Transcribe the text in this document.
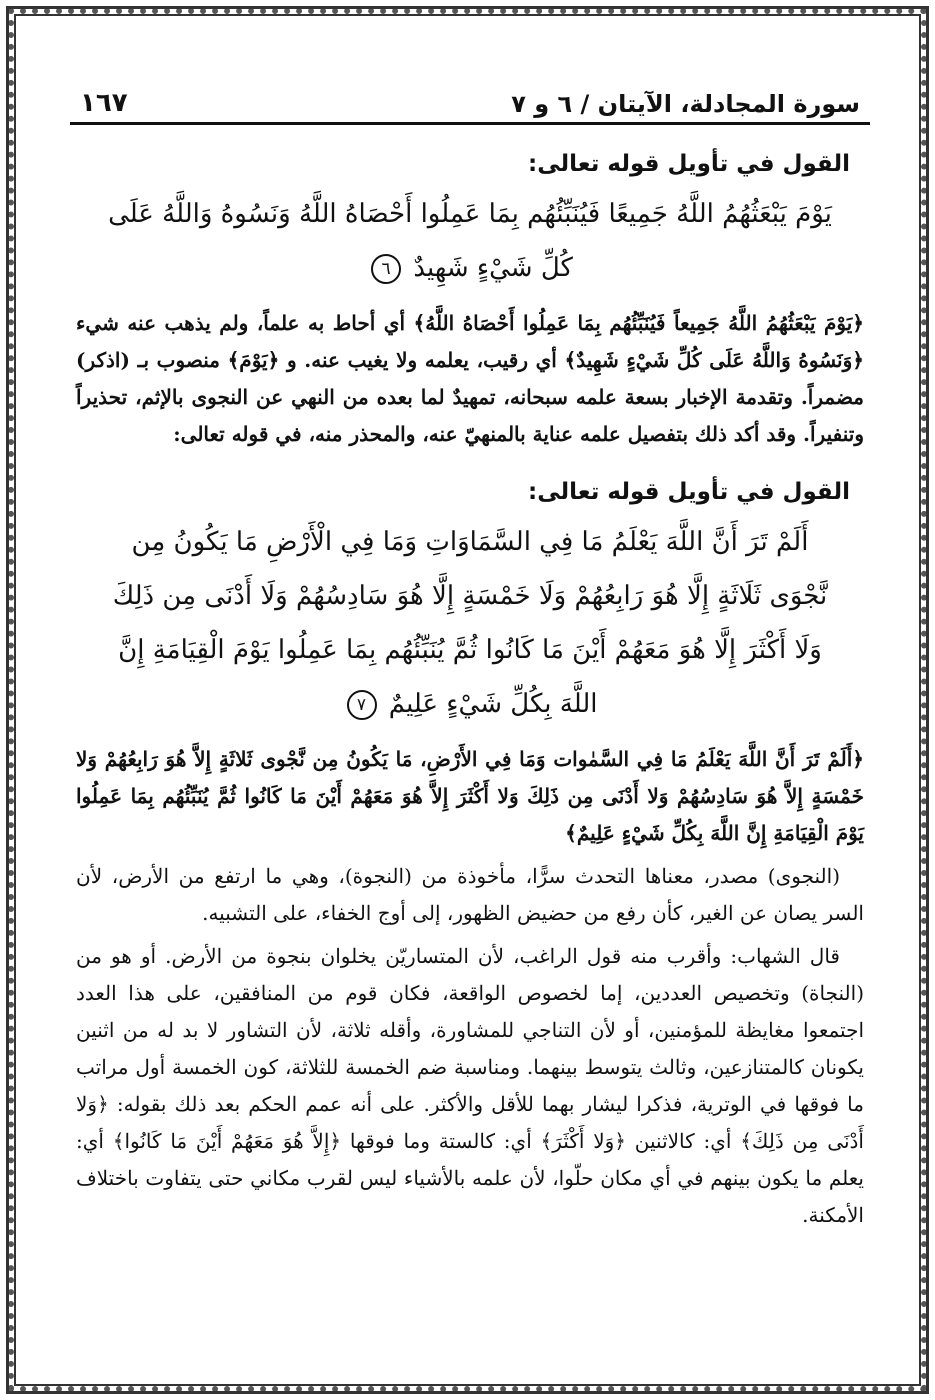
سورة المجادلة، الآيتان / ٦ و ٧
١٦٧
القول في تأويل قوله تعالى:
يَوْمَ يَبْعَثُهُمُ اللَّهُ جَمِيعًا فَيُنَبِّئُهُم بِمَا عَمِلُوا أَحْصَاهُ اللَّهُ وَنَسُوهُ وَاللَّهُ عَلَى كُلِّ شَيْءٍ شَهِيدٌ ٦

﴿يَوْمَ يَبْعَثُهُمُ اللَّهُ جَمِيعاً فَيُنَبِّئُهُم بِمَا عَمِلُوا أَحْصَاهُ اللَّهُ﴾ أي أحاط به علماً، ولم يذهب عنه شيء ﴿وَنَسُوهُ وَاللَّهُ عَلَى كُلِّ شَيْءٍ شَهِيدٌ﴾ أي رقيب، يعلمه ولا يغيب عنه. و ﴿يَوْمَ﴾ منصوب بـ (اذكر) مضمراً. وتقدمة الإخبار بسعة علمه سبحانه، تمهيدٌ لما بعده من النهي عن النجوى بالإثم، تحذيراً وتنفيراً. وقد أكد ذلك بتفصيل علمه عناية بالمنهيّ عنه، والمحذر منه، في قوله تعالى:

القول في تأويل قوله تعالى:
أَلَمْ تَرَ أَنَّ اللَّهَ يَعْلَمُ مَا فِي السَّمَاوَاتِ وَمَا فِي الْأَرْضِ مَا يَكُونُ مِن نَّجْوَى ثَلَاثَةٍ إِلَّا هُوَ رَابِعُهُمْ وَلَا خَمْسَةٍ إِلَّا هُوَ سَادِسُهُمْ وَلَا أَدْنَى مِن ذَلِكَ وَلَا أَكْثَرَ إِلَّا هُوَ مَعَهُمْ أَيْنَ مَا كَانُوا ثُمَّ يُنَبِّئُهُم بِمَا عَمِلُوا يَوْمَ الْقِيَامَةِ إِنَّ اللَّهَ بِكُلِّ شَيْءٍ عَلِيمٌ ٧

﴿أَلَمْ تَرَ أَنَّ اللَّهَ يَعْلَمُ مَا فِي السَّمٰوات وَمَا فِي الأَرْضِ، مَا يَكُونُ مِن نَّجْوى ثَلاثَةٍ إِلاَّ هُوَ رَابِعُهُمْ وَلا خَمْسَةٍ إِلاَّ هُوَ سَادِسُهُمْ وَلا أَدْنَى مِن ذَلِكَ وَلا أَكْثَرَ إِلاَّ هُوَ مَعَهُمْ أَيْنَ مَا كَانُوا ثُمَّ يُنَبِّئُهُم بِمَا عَمِلُوا يَوْمَ الْقِيَامَةِ إِنَّ اللَّهَ بِكُلِّ شَيْءٍ عَلِيمٌ﴾

(النجوى) مصدر، معناها التحدث سرًّا، مأخوذة من (النجوة)، وهي ما ارتفع من الأرض، لأن السر يصان عن الغير، كأن رفع من حضيض الظهور، إلى أوج الخفاء، على التشبيه.

قال الشهاب: وأقرب منه قول الراغب، لأن المتساريّن يخلوان بنجوة من الأرض. أو هو من (النجاة) وتخصيص العددين، إما لخصوص الواقعة، فكان قوم من المنافقين، على هذا العدد اجتمعوا مغايظة للمؤمنين، أو لأن التناجي للمشاورة، وأقله ثلاثة، لأن التشاور لا بد له من اثنين يكونان كالمتنازعين، وثالث يتوسط بينهما. ومناسبة ضم الخمسة للثلاثة، كون الخمسة أول مراتب ما فوقها في الوترية، فذكرا ليشار بهما للأقل والأكثر. على أنه عمم الحكم بعد ذلك بقوله: ﴿وَلا أَدْنَى مِن ذَلِكَ﴾ أي: كالاثنين ﴿وَلا أَكْثَرَ﴾ أي: كالستة وما فوقها ﴿إِلاَّ هُوَ مَعَهُمْ أَيْنَ مَا كَانُوا﴾ أي: يعلم ما يكون بينهم في أي مكان حلّوا، لأن علمه بالأشياء ليس لقرب مكاني حتى يتفاوت باختلاف الأمكنة.
